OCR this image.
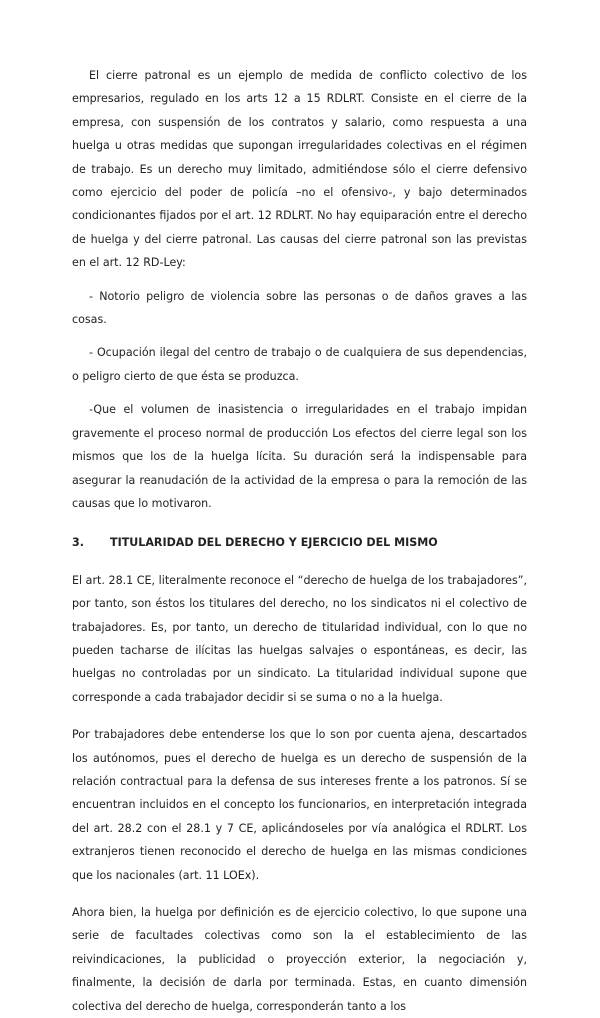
El cierre patronal es un ejemplo de medida de conflicto colectivo de los empresarios, regulado en los arts 12 a 15 RDLRT. Consiste en el cierre de la empresa, con suspensión de los contratos y salario, como respuesta a una huelga u otras medidas que supongan irregularidades colectivas en el régimen de trabajo. Es un derecho muy limitado, admitiéndose sólo el cierre defensivo como ejercicio del poder de policía –no el ofensivo-, y bajo determinados condicionantes fijados por el art. 12 RDLRT. No hay equiparación entre el derecho de huelga y del cierre patronal. Las causas del cierre patronal son las previstas en el art. 12 RD-Ley:

- Notorio peligro de violencia sobre las personas o de daños graves a las cosas.

- Ocupación ilegal del centro de trabajo o de cualquiera de sus dependencias, o peligro cierto de que ésta se produzca.

-Que el volumen de inasistencia o irregularidades en el trabajo impidan gravemente el proceso normal de producción Los efectos del cierre legal son los mismos que los de la huelga lícita. Su duración será la indispensable para asegurar la reanudación de la actividad de la empresa o para la remoción de las causas que lo motivaron.

3.	TITULARIDAD DEL DERECHO Y EJERCICIO DEL MISMO

El art. 28.1 CE, literalmente reconoce el “derecho de huelga de los trabajadores”, por tanto, son éstos los titulares del derecho, no los sindicatos ni el colectivo de trabajadores. Es, por tanto, un derecho de titularidad individual, con lo que no pueden tacharse de ilícitas las huelgas salvajes o espontáneas, es decir, las huelgas no controladas por un sindicato. La titularidad individual supone que corresponde a cada trabajador decidir si se suma o no a la huelga.

Por trabajadores debe entenderse los que lo son por cuenta ajena, descartados los autónomos, pues el derecho de huelga es un derecho de suspensión de la relación contractual para la defensa de sus intereses frente a los patronos. Sí se encuentran incluidos en el concepto los funcionarios, en interpretación integrada del art. 28.2 con el 28.1 y 7 CE, aplicándoseles por vía analógica el RDLRT. Los extranjeros tienen reconocido el derecho de huelga en las mismas condiciones que los nacionales (art. 11 LOEx).

Ahora bien, la huelga por definición es de ejercicio colectivo, lo que supone una serie de facultades colectivas como son la el establecimiento de las reivindicaciones, la publicidad o proyección exterior, la negociación y, finalmente, la decisión de darla por terminada. Estas, en cuanto dimensión colectiva del derecho de huelga, corresponderán tanto a los
